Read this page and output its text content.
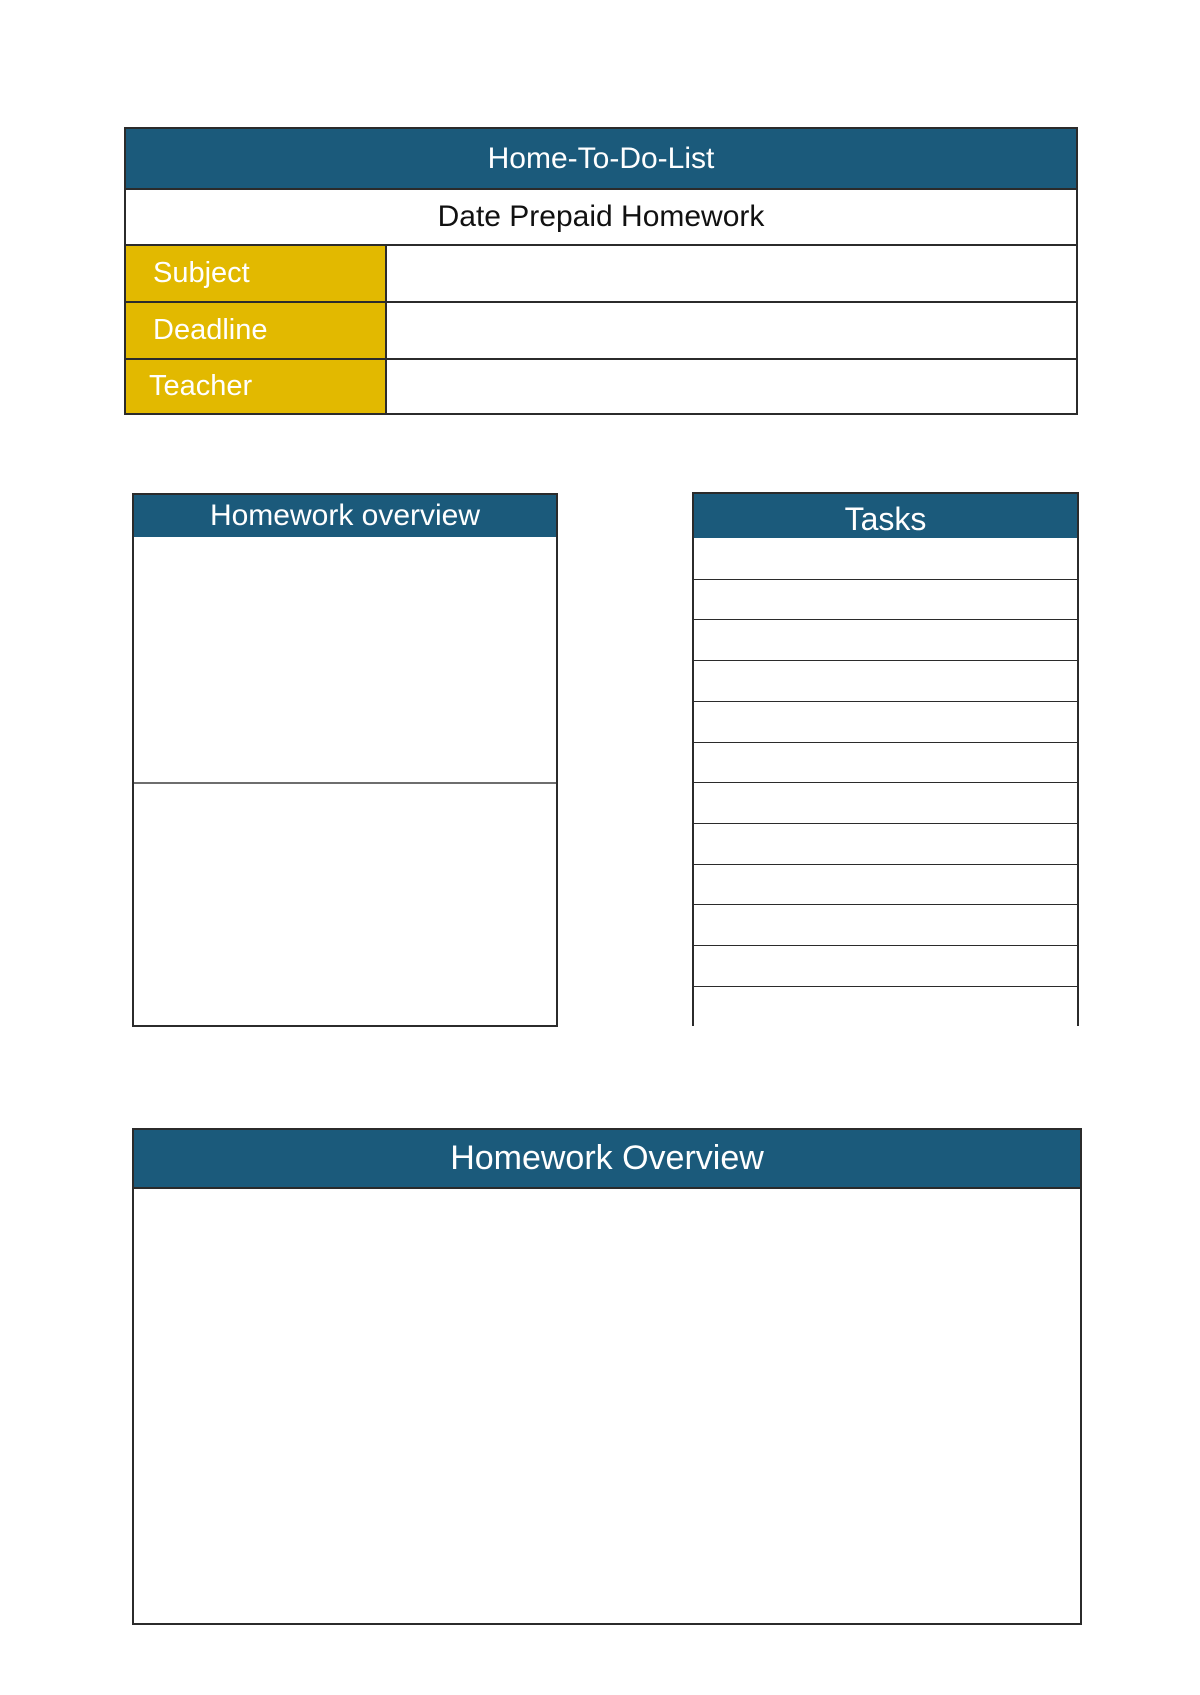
Home-To-Do-List
Date Prepaid Homework
Subject
Deadline
Teacher
Homework overview	Tasks
Homework Overview
